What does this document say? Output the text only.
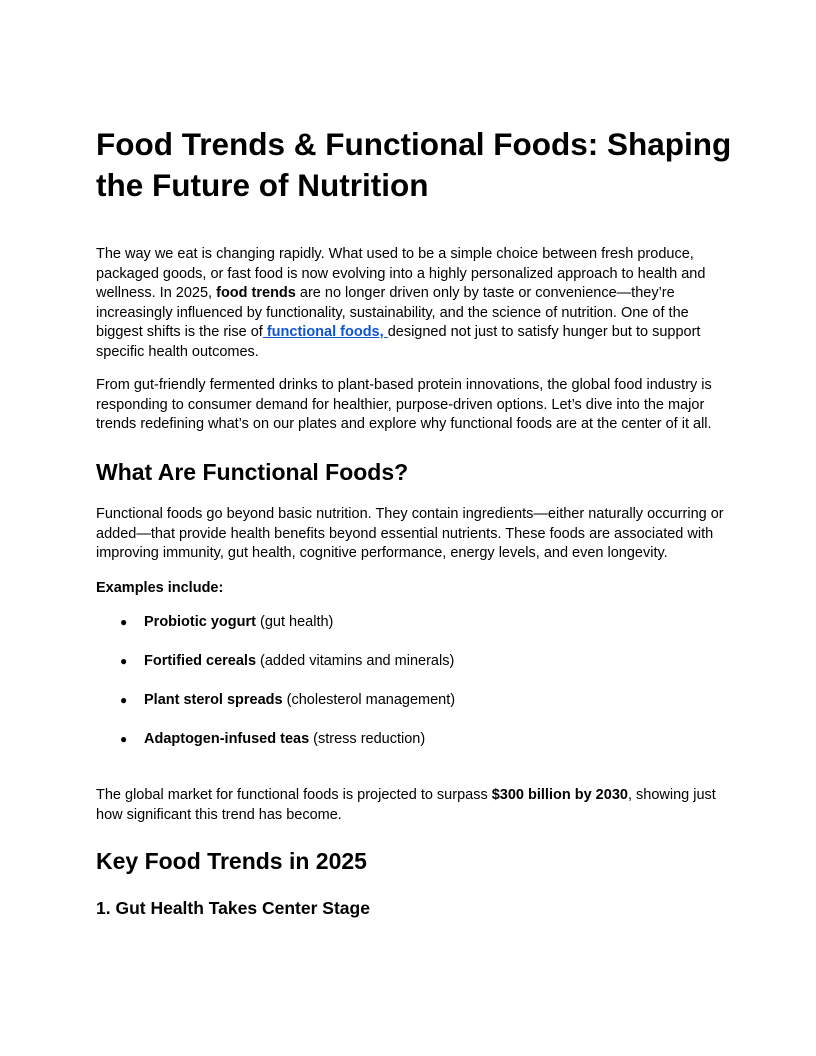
Food Trends & Functional Foods: Shaping the Future of Nutrition

The way we eat is changing rapidly. What used to be a simple choice between fresh produce, packaged goods, or fast food is now evolving into a highly personalized approach to health and wellness. In 2025, food trends are no longer driven only by taste or convenience—they’re increasingly influenced by functionality, sustainability, and the science of nutrition. One of the biggest shifts is the rise of functional foods, designed not just to satisfy hunger but to support specific health outcomes.

From gut-friendly fermented drinks to plant-based protein innovations, the global food industry is responding to consumer demand for healthier, purpose-driven options. Let’s dive into the major trends redefining what’s on our plates and explore why functional foods are at the center of it all.

What Are Functional Foods?

Functional foods go beyond basic nutrition. They contain ingredients—either naturally occurring or added—that provide health benefits beyond essential nutrients. These foods are associated with improving immunity, gut health, cognitive performance, energy levels, and even longevity.

Examples include:

● Probiotic yogurt (gut health)
● Fortified cereals (added vitamins and minerals)
● Plant sterol spreads (cholesterol management)
● Adaptogen-infused teas (stress reduction)

The global market for functional foods is projected to surpass $300 billion by 2030, showing just how significant this trend has become.

Key Food Trends in 2025
1. Gut Health Takes Center Stage
